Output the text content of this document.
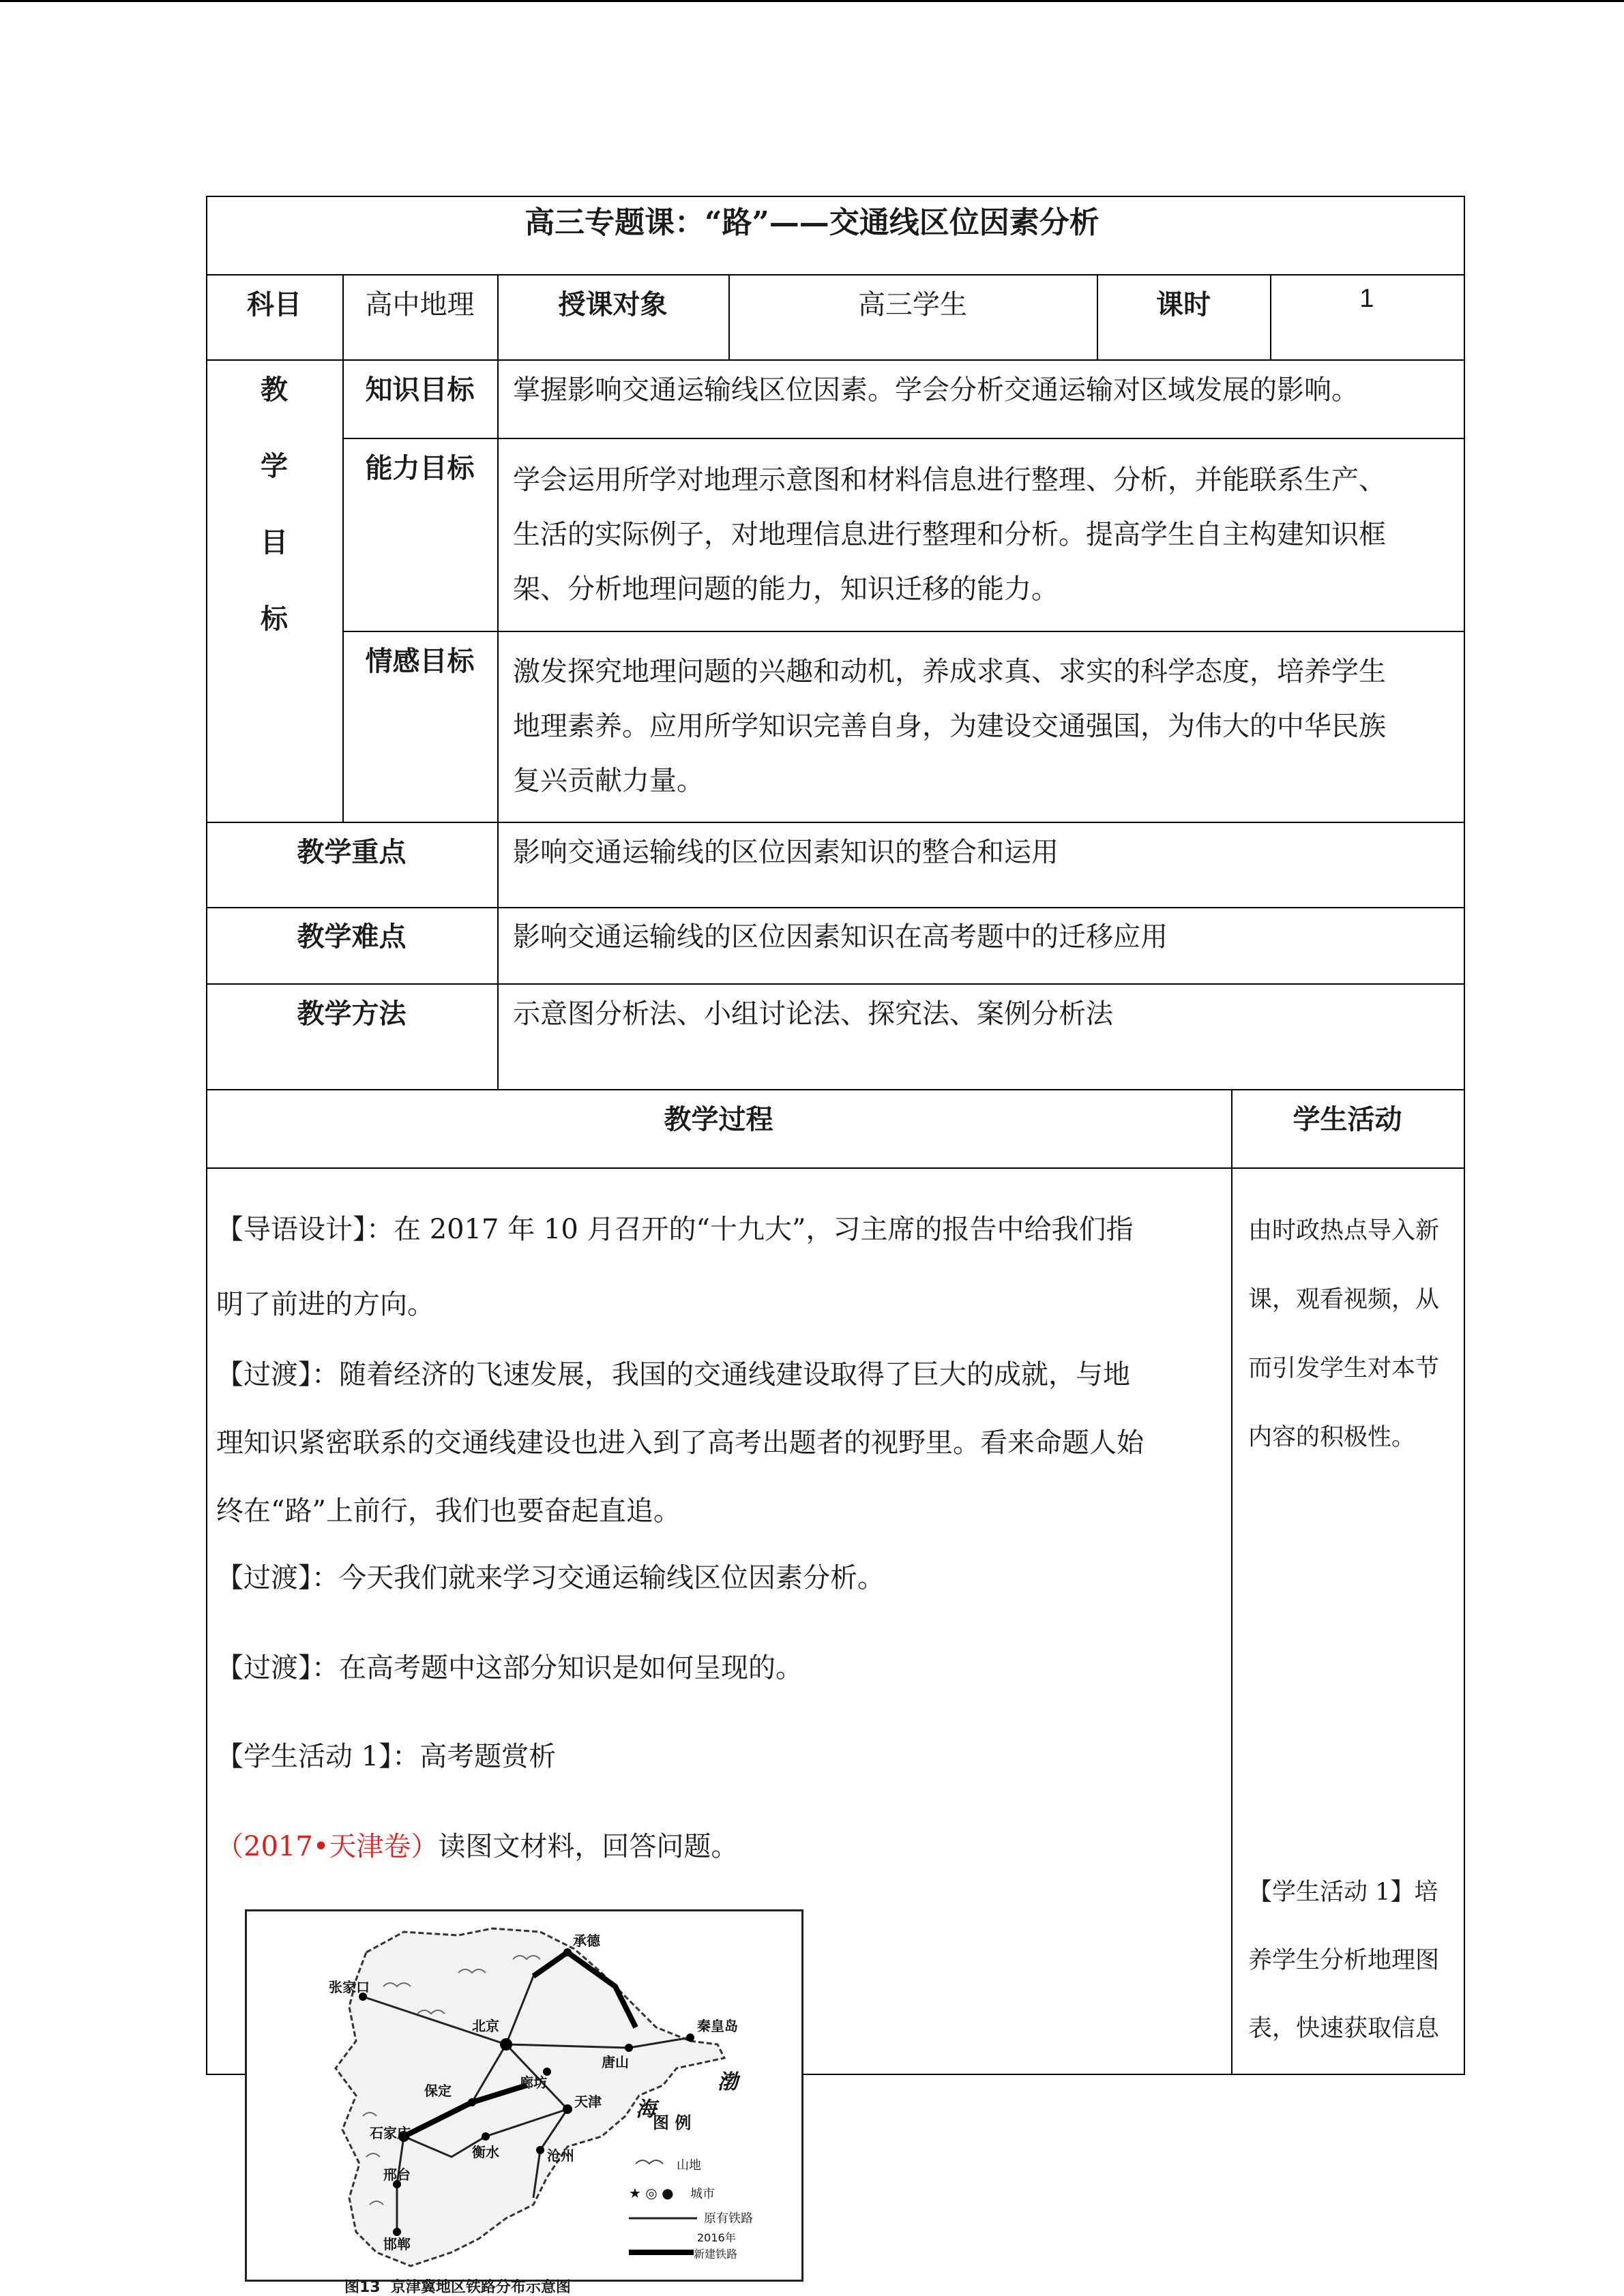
高三专题课：“路”——交通线区位因素分析
科目	高中地理	授课对象	高三学生	课时	1
教
学
目
标
知识目标	掌握影响交通运输线区位因素。学会分析交通运输对区域发展的影响。
能力目标	学会运用所学对地理示意图和材料信息进行整理、分析，并能联系生产、
生活的实际例子，对地理信息进行整理和分析。提高学生自主构建知识框
架、分析地理问题的能力，知识迁移的能力。
情感目标	激发探究地理问题的兴趣和动机，养成求真、求实的科学态度，培养学生
地理素养。应用所学知识完善自身，为建设交通强国，为伟大的中华民族
复兴贡献力量。
教学重点	影响交通运输线的区位因素知识的整合和运用
教学难点	影响交通运输线的区位因素知识在高考题中的迁移应用
教学方法	示意图分析法、小组讨论法、探究法、案例分析法
教学过程	学生活动
【导语设计】：在 2017 年 10 月召开的“十九大”，习主席的报告中给我们指
明了前进的方向。
【过渡】：随着经济的飞速发展，我国的交通线建设取得了巨大的成就，与地
理知识紧密联系的交通线建设也进入到了高考出题者的视野里。看来命题人始
终在“路”上前行，我们也要奋起直追。
【过渡】：今天我们就来学习交通运输线区位因素分析。
【过渡】：在高考题中这部分知识是如何呈现的。
【学生活动 1】：高考题赏析
（2017•天津卷）读图文材料，回答问题。
由时政热点导入新
课，观看视频，从
而引发学生对本节
内容的积极性。
【学生活动 1】培
养学生分析地理图
表，快速获取信息
张家口
承德
北京	秦皇岛
唐山
廊坊
天津
保定
石家庄
沧州
衡水
邢台
邯郸
渤
海
图 例
山地
★ ◎ ● 城市
原有铁路
2016年
新建铁路
图13  京津冀地区铁路分布示意图
